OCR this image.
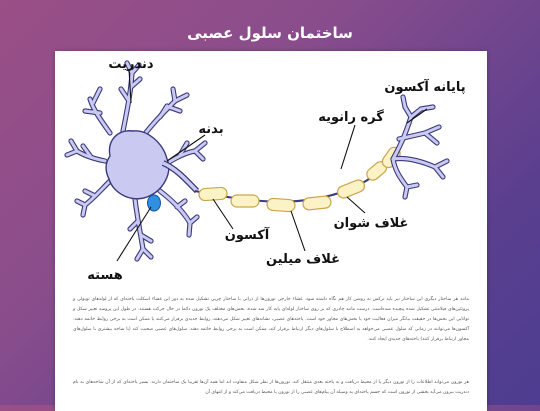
ساختمان سلول عصبی
دندریت
بدنه
هسته
آکسون
غلاف میلین
غلاف شوان
گره رانویه
پایانه آکسون
مانند هر ساختار دیگری این ساختار نیز باید ترکش به روشن کار هم نگاه داشته شود. غشاء خارجی نورون‌ها از ذراتی با ساختار چربی تشکیل شده به دور این غشاء اسکلت یاخته‌ای که از لوله‌های توبولی و پروتئین‌های فیلامنتی تشکیل شده پیچیده شده‌است. درست مانند چادری که بر روی ساختار لوله‌ای پایه کار شد شده، بخش‌های مختلف یک نورون دائما در حال حرکت هستند. در طول این پروسه تغییر شکل و توانایی این بخش‌ها در حقیقت بیانگر میزان فعالیت خود یا بخش‌های مجاور خود است. یاخته‌های عصبی، نشانه‌های تغییر شکل می‌دهند، روابط جدیدی برقرار می‌کنند یا ممکن است به برخی روابط خاتمه دهند. آکسون‌ها می‌توانند در زمانی که سلول عصبی می‌خواهد به اصطلاح با سلول‌های دیگر ارتباط برقرار کند، ممکن است به برخی روابط خاتمه دهند. سلول‌های عصبی صحبت کند (با شاخه بیشتری با سلول‌های مجاور ارتباط برقرار کنند) یاخته‌های جدیدی ایجاد کنند.
هر نورون می‌تواند اطلاعات را از نورون دیگر یا از محیط دریافت و به یاخته بعدی منتقل کند. نورون‌ها از نظر شکل متفاوت اند اما همه آن‌ها تقریبا یک ساختمان دارند. بسیر یاخته‌ای که از آن شاخه‌های به نام دندریت بیرون می‌آید بخشی از نورون است که جسم یاخته‌ای به وسیله آن پیام‌های عصبی را از نورون یا محیط دریافت می‌کند و از انتهای آن
